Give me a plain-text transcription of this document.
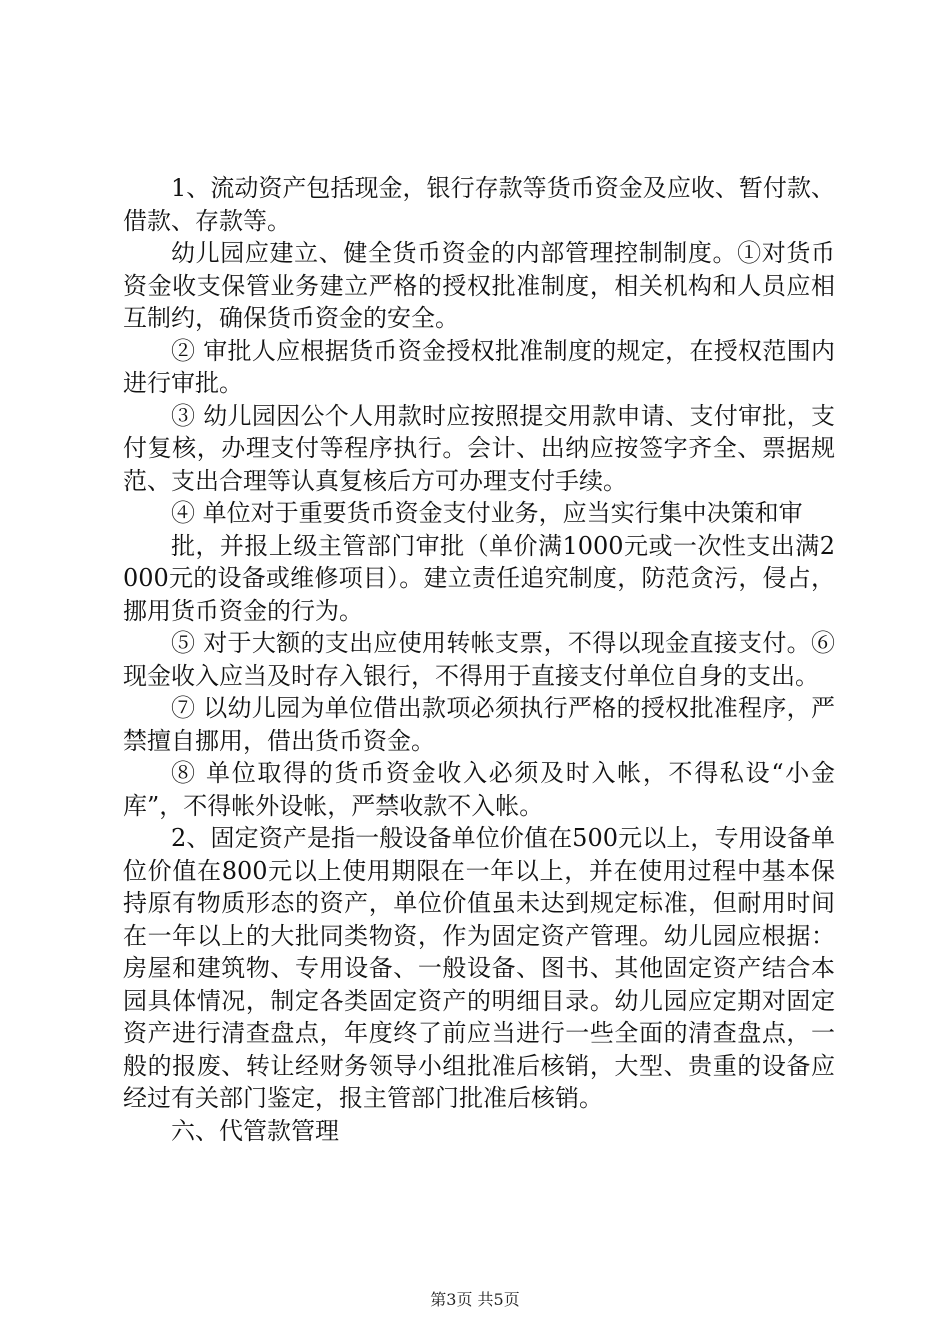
1、流动资产包括现金，银行存款等货币资金及应收、暂付款、借款、存款等。

幼儿园应建立、健全货币资金的内部管理控制制度。①对货币资金收支保管业务建立严格的授权批准制度，相关机构和人员应相互制约，确保货币资金的安全。

② 审批人应根据货币资金授权批准制度的规定，在授权范围内进行审批。

③ 幼儿园因公个人用款时应按照提交用款申请、支付审批，支付复核，办理支付等程序执行。会计、出纳应按签字齐全、票据规范、支出合理等认真复核后方可办理支付手续。

④ 单位对于重要货币资金支付业务，应当实行集中决策和审

批，并报上级主管部门审批（单价满1000元或一次性支出满2000元的设备或维修项目）。建立责任追究制度，防范贪污，侵占，挪用货币资金的行为。

⑤ 对于大额的支出应使用转帐支票，不得以现金直接支付。⑥现金收入应当及时存入银行，不得用于直接支付单位自身的支出。

⑦ 以幼儿园为单位借出款项必须执行严格的授权批准程序，严禁擅自挪用，借出货币资金。

⑧ 单位取得的货币资金收入必须及时入帐，不得私设“小金库”，不得帐外设帐，严禁收款不入帐。

2、固定资产是指一般设备单位价值在500元以上，专用设备单位价值在800元以上使用期限在一年以上，并在使用过程中基本保持原有物质形态的资产，单位价值虽未达到规定标准，但耐用时间在一年以上的大批同类物资，作为固定资产管理。幼儿园应根据：房屋和建筑物、专用设备、一般设备、图书、其他固定资产结合本园具体情况，制定各类固定资产的明细目录。幼儿园应定期对固定资产进行清查盘点，年度终了前应当进行一些全面的清查盘点，一般的报废、转让经财务领导小组批准后核销，大型、贵重的设备应经过有关部门鉴定，报主管部门批准后核销。

六、代管款管理

第3页 共5页
